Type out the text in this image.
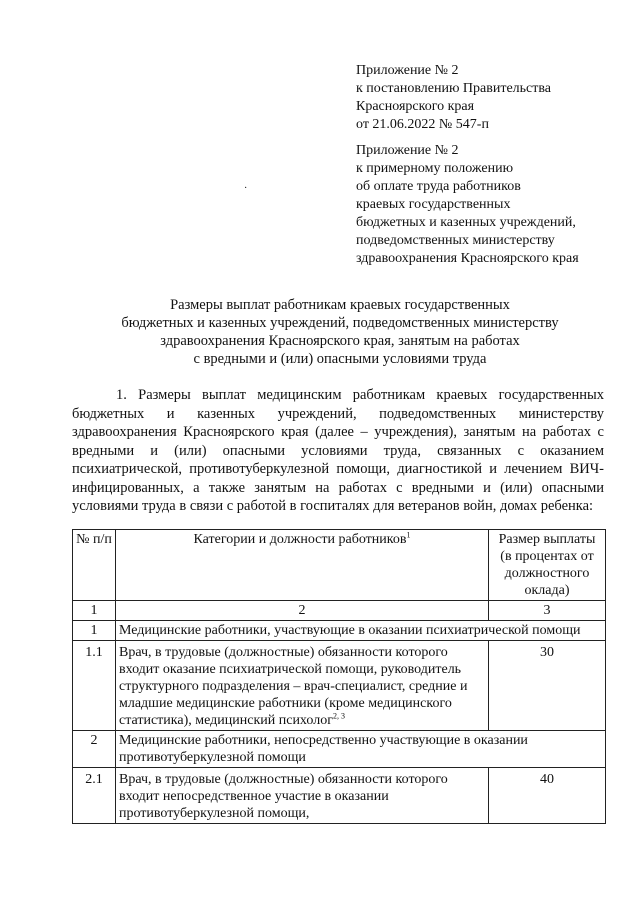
Приложение № 2
к постановлению Правительства
Красноярского края
от 21.06.2022 № 547-п
·
Приложение № 2
к примерному положению
об оплате труда работников
краевых государственных
бюджетных и казенных учреждений,
подведомственных министерству
здравоохранения Красноярского края
Размеры выплат работникам краевых государственных
бюджетных и казенных учреждений, подведомственных министерству
здравоохранения Красноярского края, занятым на работах
с вредными и (или) опасными условиями труда

1. Размеры выплат медицинским работникам краевых государственных бюджетных и казенных учреждений, подведомственных министерству здравоохранения Красноярского края (далее – учреждения), занятым на работах с вредными и (или) опасными условиями труда, связанных с оказанием психиатрической, противотуберкулезной помощи, диагностикой и лечением ВИЧ-инфицированных, а также занятым на работах с вредными и (или) опасными условиями труда в связи с работой в госпиталях для ветеранов войн, домах ребенка:

№ п/п	Категории и должности работников$^1$	Размер выплаты (в процентах от должностного оклада)
1	2	3
1	Медицинские работники, участвующие в оказании психиатрической помощи	
1.1	Врач, в трудовые (должностные) обязанности которого входит оказание психиатрической помощи, руководитель структурного подразделения – врач-специалист, средние и младшие медицинские работники (кроме медицинского статистика), медицинский психолог$^{2, 3}$	30
2	Медицинские работники, непосредственно участвующие в оказании противотуберкулезной помощи	
2.1	Врач, в трудовые (должностные) обязанности которого входит непосредственное участие в оказании противотуберкулезной помощи,	40
